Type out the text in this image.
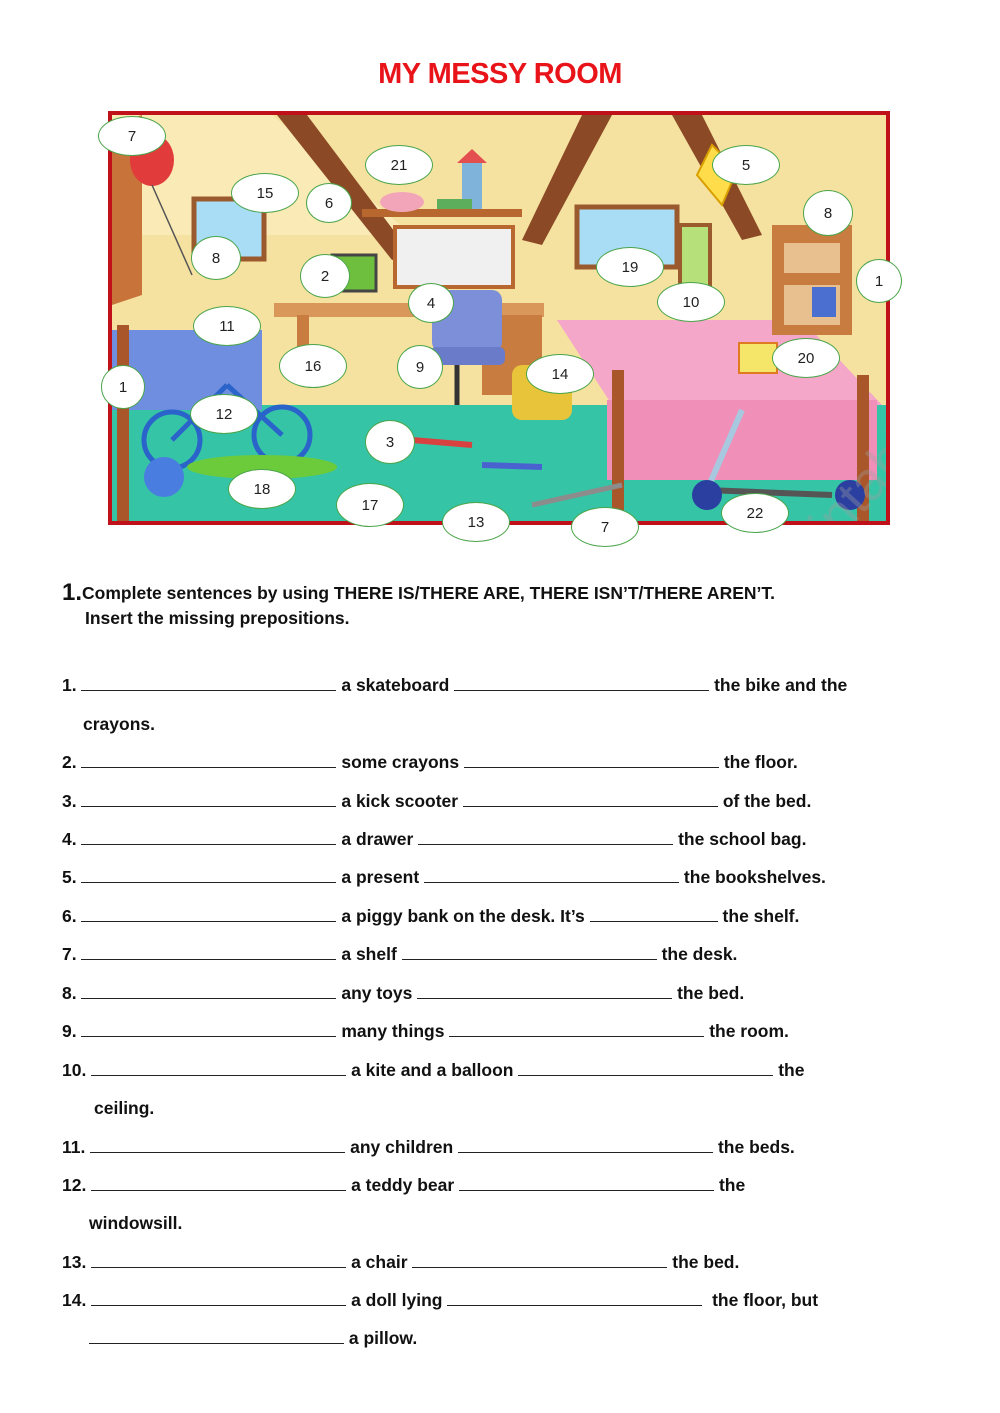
MY MESSY ROOM
7
21	5
15
6
8
8
2
19
1
4	10
11
16	9
20
1
14
12
3
18
17
13	7
22
1.Complete sentences by using THERE IS/THERE ARE, THERE ISN’T/THERE AREN’T.
Insert the missing prepositions.
1.	a skateboard	the bike and the
crayons.
2.	some crayons	the floor.
3.	a kick scooter	of the bed.
4.	a drawer	the school bag.
5.	a present	the bookshelves.
6.	a piggy bank on the desk. It’s	the shelf.
7.	a shelf	the desk.
8.	any toys	the bed.
9.	many things	the room.
10.	a kite and a balloon	the
ceiling.
11.	any children	the beds.
12.	a teddy bear	the
windowsill.
13.	a chair	the bed.
14.	a doll lying	the floor, but
a pillow.
